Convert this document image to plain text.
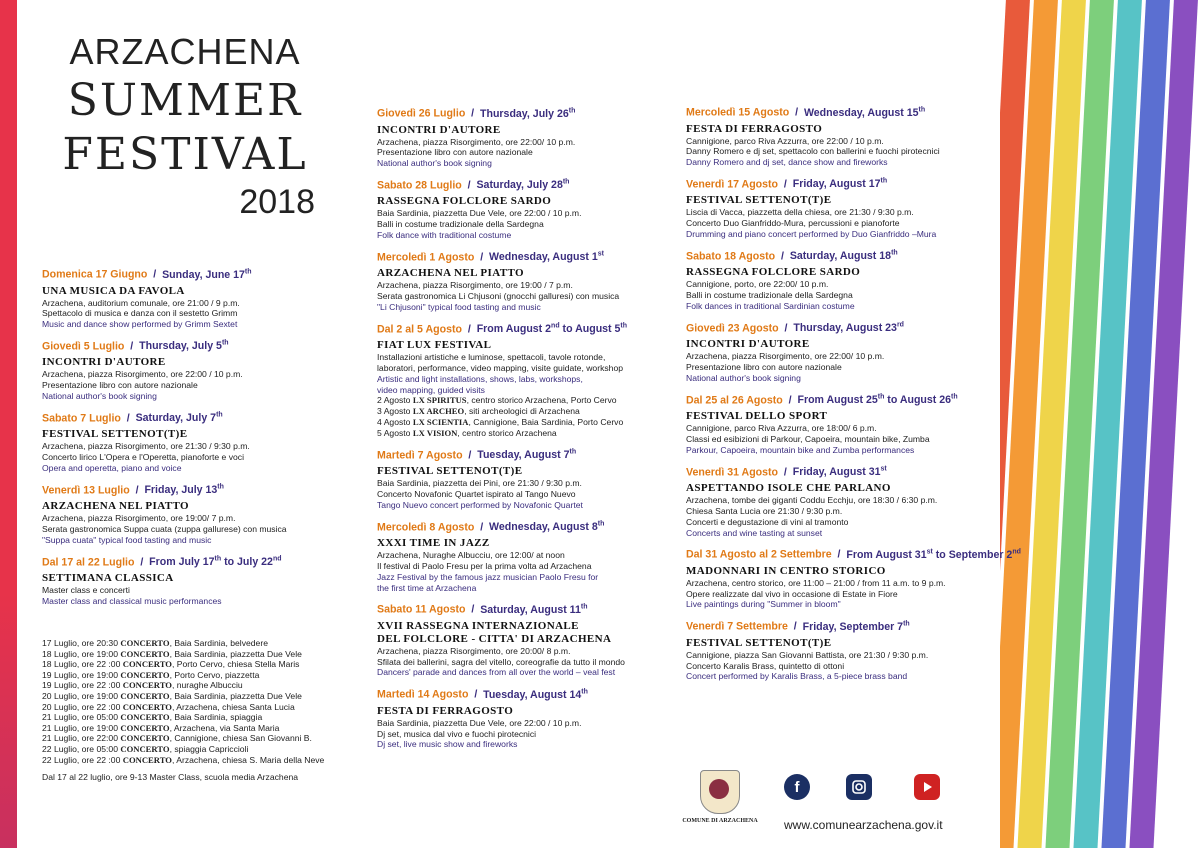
ARZACHENA
SUMMER
FESTIVAL
2018
Domenica 17 Giugno  /  Sunday, June 17th
UNA MUSICA DA FAVOLA
Arzachena, auditorium comunale, ore 21:00 / 9 p.m.
Spettacolo di musica e danza con il sestetto Grimm
Music and dance show performed by Grimm Sextet
Giovedì 5 Luglio  /  Thursday, July 5th
INCONTRI D'AUTORE
Arzachena, piazza Risorgimento, ore 22:00 / 10 p.m.
Presentazione libro con autore nazionale
National author's book signing
Sabato 7 Luglio  /  Saturday, July 7th
FESTIVAL SETTENOT(T)E
Arzachena, piazza Risorgimento, ore 21:30 / 9:30 p.m.
Concerto lirico L'Opera e l'Operetta, pianoforte e voci
Opera and operetta, piano and voice
Venerdì 13 Luglio  /  Friday, July 13th
ARZACHENA NEL PIATTO
Arzachena, piazza Risorgimento, ore 19:00/ 7 p.m.
Serata gastronomica Suppa cuata (zuppa gallurese) con musica
"Suppa cuata" typical food tasting and music
Dal 17 al 22 Luglio  /  From July 17th to July 22nd
SETTIMANA CLASSICA
Master class e concerti
Master class and classical music performances
17 Luglio, ore 20:30 CONCERTO, Baia Sardinia, belvedere
18 Luglio, ore 19:00 CONCERTO, Baia Sardinia, piazzetta Due Vele
18 Luglio, ore 22 :00 CONCERTO, Porto Cervo, chiesa Stella Maris
19 Luglio, ore 19:00 CONCERTO, Porto Cervo, piazzetta
19 Luglio, ore 22 :00 CONCERTO, nuraghe Albucciu
20 Luglio, ore 19:00 CONCERTO, Baia Sardinia, piazzetta Due Vele
20 Luglio, ore 22 :00 CONCERTO, Arzachena, chiesa Santa Lucia
21 Luglio, ore 05:00 CONCERTO, Baia Sardinia, spiaggia
21 Luglio, ore 19:00 CONCERTO, Arzachena, via Santa Maria
21 Luglio, ore 22:00 CONCERTO, Cannigione, chiesa San Giovanni B.
22 Luglio, ore 05:00 CONCERTO, spiaggia Capriccioli
22 Luglio, ore 22 :00 CONCERTO, Arzachena, chiesa S. Maria della Neve
Dal 17 al 22 luglio, ore 9-13 Master Class, scuola media Arzachena
Giovedì 26 Luglio  /  Thursday, July 26th
INCONTRI D'AUTORE
Arzachena, piazza Risorgimento, ore 22:00/ 10 p.m.
Presentazione libro con autore nazionale
National author's book signing
Sabato 28 Luglio  /  Saturday, July 28th
RASSEGNA FOLCLORE SARDO
Baia Sardinia, piazzetta Due Vele, ore 22:00 / 10 p.m.
Balli in costume tradizionale della Sardegna
Folk dance with traditional costume
Mercoledì 1 Agosto  /  Wednesday, August 1st
ARZACHENA NEL PIATTO
Arzachena, piazza Risorgimento, ore 19:00 / 7 p.m.
Serata gastronomica Li Chjusoni (gnocchi galluresi) con musica
"Li Chjusoni" typical food tasting and music
Dal 2 al 5 Agosto  /  From August 2nd to August 5th
FIAT LUX FESTIVAL
Installazioni artistiche e luminose, spettacoli, tavole rotonde,
laboratori, performance, video mapping, visite guidate, workshop
Artistic and light installations, shows, labs, workshops,
video mapping, guided visits
2 Agosto LX SPIRITUS, centro storico Arzachena, Porto Cervo
3 Agosto LX ARCHEO, siti archeologici di Arzachena
4 Agosto LX SCIENTIA, Cannigione, Baia Sardinia, Porto Cervo
5 Agosto LX VISION, centro storico Arzachena
Martedì 7 Agosto  /  Tuesday, August 7th
FESTIVAL SETTENOT(T)E
Baia Sardinia, piazzetta dei Pini, ore 21:30 / 9:30 p.m.
Concerto Novafonic Quartet ispirato al Tango Nuevo
Tango Nuevo concert performed by Novafonic Quartet
Mercoledì 8 Agosto  /  Wednesday, August 8th
XXXI TIME IN JAZZ
Arzachena, Nuraghe Albucciu, ore 12:00/ at noon
Il festival di Paolo Fresu per la prima volta ad Arzachena
Jazz Festival by the famous jazz musician Paolo Fresu for
the first time at Arzachena
Sabato 11 Agosto  /  Saturday, August 11th
XVII RASSEGNA INTERNAZIONALE
DEL FOLCLORE - CITTA' DI ARZACHENA
Arzachena, piazza Risorgimento, ore 20:00/ 8 p.m.
Sfilata dei ballerini, sagra del vitello, coreografie da tutto il mondo
Dancers' parade and dances from all over the world – veal fest
Martedì 14 Agosto  /  Tuesday, August 14th
FESTA DI FERRAGOSTO
Baia Sardinia, piazzetta Due Vele, ore 22:00 / 10 p.m.
Dj set, musica dal vivo e fuochi pirotecnici
Dj set, live music show and fireworks
Mercoledì 15 Agosto  /  Wednesday, August 15th
FESTA DI FERRAGOSTO
Cannigione, parco Riva Azzurra, ore 22:00 / 10 p.m.
Danny Romero e dj set, spettacolo con ballerini e fuochi pirotecnici
Danny Romero and dj set, dance show and fireworks
Venerdì 17 Agosto  /  Friday, August 17th
FESTIVAL SETTENOT(T)E
Liscia di Vacca, piazzetta della chiesa, ore 21:30 / 9:30 p.m.
Concerto Duo Gianfriddo-Mura, percussioni e pianoforte
Drumming and piano concert performed by Duo Gianfriddo –Mura
Sabato 18 Agosto  /  Saturday, August 18th
RASSEGNA FOLCLORE SARDO
Cannigione, porto, ore 22:00/ 10 p.m.
Balli in costume tradizionale della Sardegna
Folk dances in traditional Sardinian costume
Giovedì 23 Agosto  /  Thursday, August 23rd
INCONTRI D'AUTORE
Arzachena, piazza Risorgimento, ore 22:00/ 10 p.m.
Presentazione libro con autore nazionale
National author's book signing
Dal 25 al 26 Agosto  /  From August 25th to August 26th
FESTIVAL DELLO SPORT
Cannigione, parco Riva Azzurra, ore 18:00/ 6 p.m.
Classi ed esibizioni di Parkour, Capoeira, mountain bike, Zumba
Parkour, Capoeira, mountain bike and Zumba performances
Venerdì 31 Agosto  /  Friday, August 31st
ASPETTANDO ISOLE CHE PARLANO
Arzachena, tombe dei giganti Coddu Ecchju, ore 18:30 / 6:30 p.m.
Chiesa Santa Lucia ore 21:30 / 9:30 p.m.
Concerti e degustazione di vini al tramonto
Concerts and wine tasting at sunset
Dal 31 Agosto al 2 Settembre  /  From August 31st to September 2nd
MADONNARI IN CENTRO STORICO
Arzachena, centro storico, ore 11:00 – 21:00 / from 11 a.m. to 9 p.m.
Opere realizzate dal vivo in occasione di Estate in Fiore
Live paintings during "Summer in bloom"
Venerdì 7 Settembre  /  Friday, September 7th
FESTIVAL SETTENOT(T)E
Cannigione, piazza San Giovanni Battista, ore 21:30 / 9:30 p.m.
Concerto Karalis Brass, quintetto di ottoni
Concert performed by Karalis Brass, a 5-piece brass band
COMUNE DI ARZACHENA
f
www.comunearzachena.gov.it
